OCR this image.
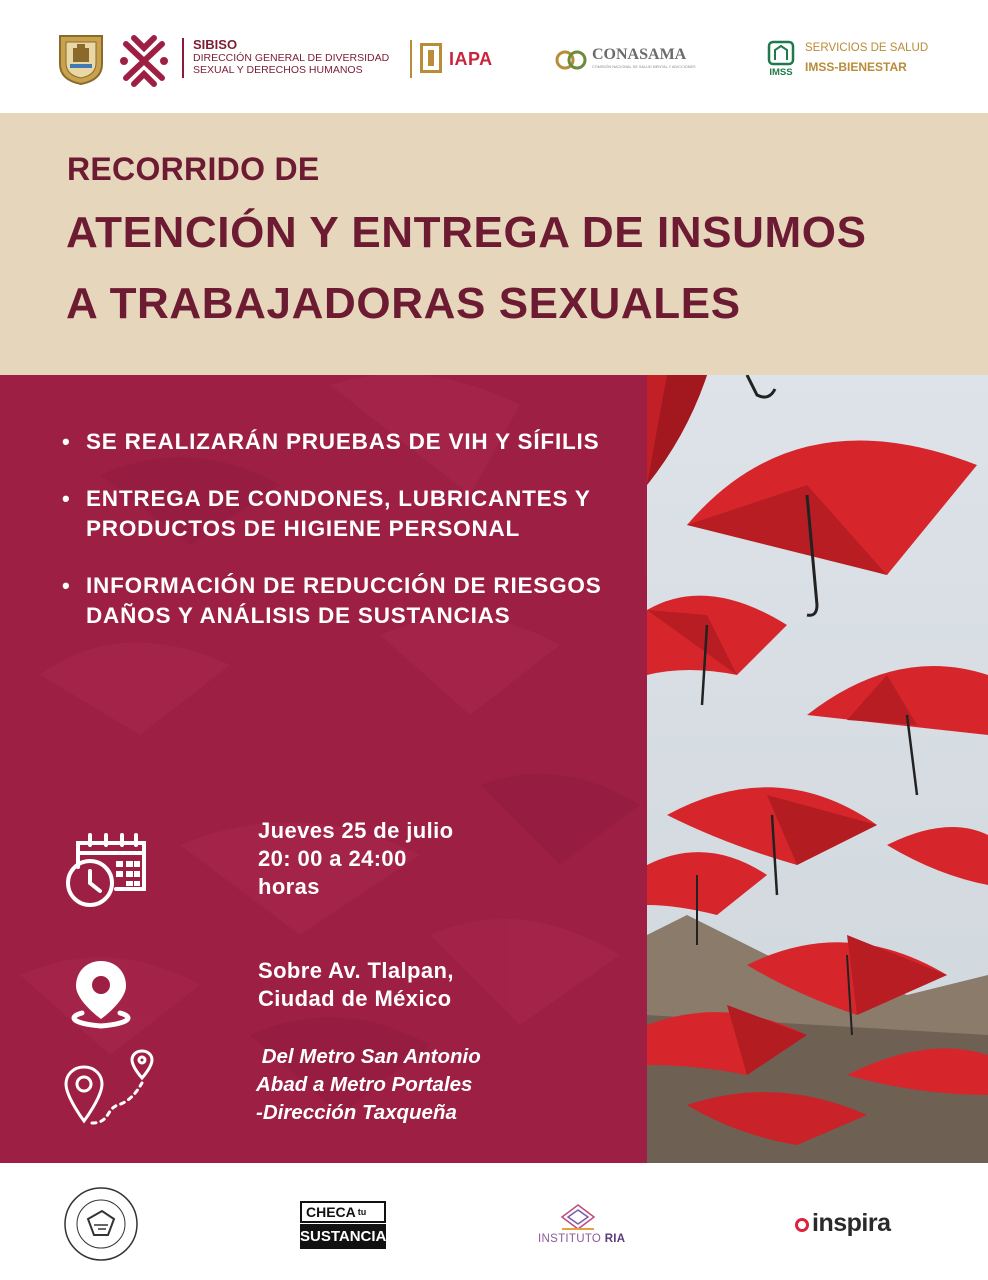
SIBISO
DIRECCIÓN GENERAL DE DIVERSIDAD
SEXUAL Y DERECHOS HUMANOS
IAPA	CONASAMA
COMISIÓN NACIONAL DE SALUD MENTAL Y ADICCIONES	IMSS
SERVICIOS DE SALUD
IMSS-BIENESTAR
RECORRIDO DE
ATENCIÓN Y ENTREGA DE INSUMOS
A TRABAJADORAS SEXUALES
• SE REALIZARÁN PRUEBAS DE VIH Y SÍFILIS
• ENTREGA DE CONDONES, LUBRICANTES Y PRODUCTOS DE HIGIENE PERSONAL
• INFORMACIÓN DE REDUCCIÓN DE RIESGOS DAÑOS Y ANÁLISIS DE SUSTANCIAS
Jueves 25 de julio
20: 00 a 24:00
horas
Sobre Av. Tlalpan,
Ciudad de México
Del Metro San Antonio
Abad a Metro Portales
-Dirección Taxqueña
CHECA $^{tu}$
SUSTANCIA	INSTITUTO RIA
inspira
